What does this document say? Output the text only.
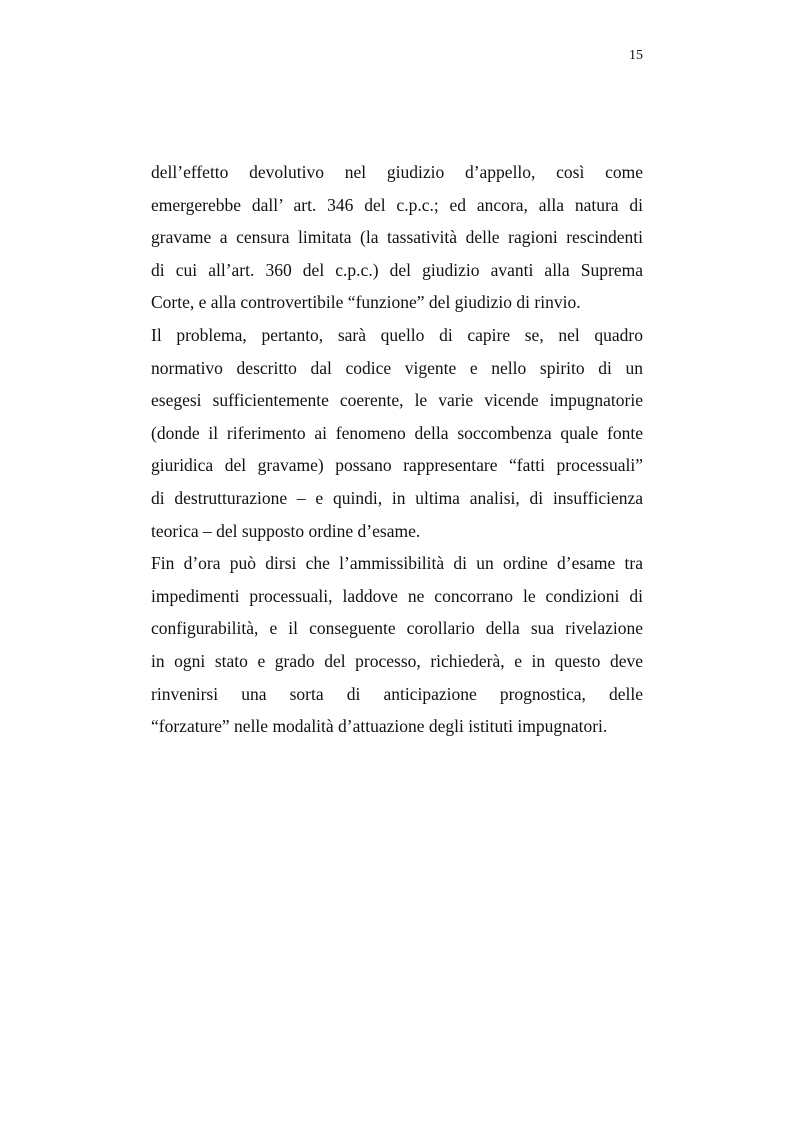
15
dell’effetto devolutivo nel giudizio d’appello, così come
emergerebbe dall’ art. 346 del c.p.c.; ed ancora, alla natura di
gravame a censura limitata (la tassatività delle ragioni rescindenti
di cui all’art. 360 del c.p.c.) del giudizio avanti alla Suprema
Corte, e alla controvertibile “funzione” del giudizio di rinvio.
Il problema, pertanto, sarà quello di capire se, nel quadro
normativo descritto dal codice vigente e nello spirito di un
esegesi sufficientemente coerente, le varie vicende impugnatorie
(donde il riferimento ai fenomeno della soccombenza quale fonte
giuridica del gravame) possano rappresentare “fatti processuali”
di destrutturazione – e quindi, in ultima analisi, di insufficienza
teorica – del supposto ordine d’esame.
Fin d’ora può dirsi che l’ammissibilità di un ordine d’esame tra
impedimenti processuali, laddove ne concorrano le condizioni di
configurabilità, e il conseguente corollario della sua rivelazione
in ogni stato e grado del processo, richiederà, e in questo deve
rinvenirsi una sorta di anticipazione prognostica, delle
“forzature” nelle modalità d’attuazione degli istituti impugnatori.
